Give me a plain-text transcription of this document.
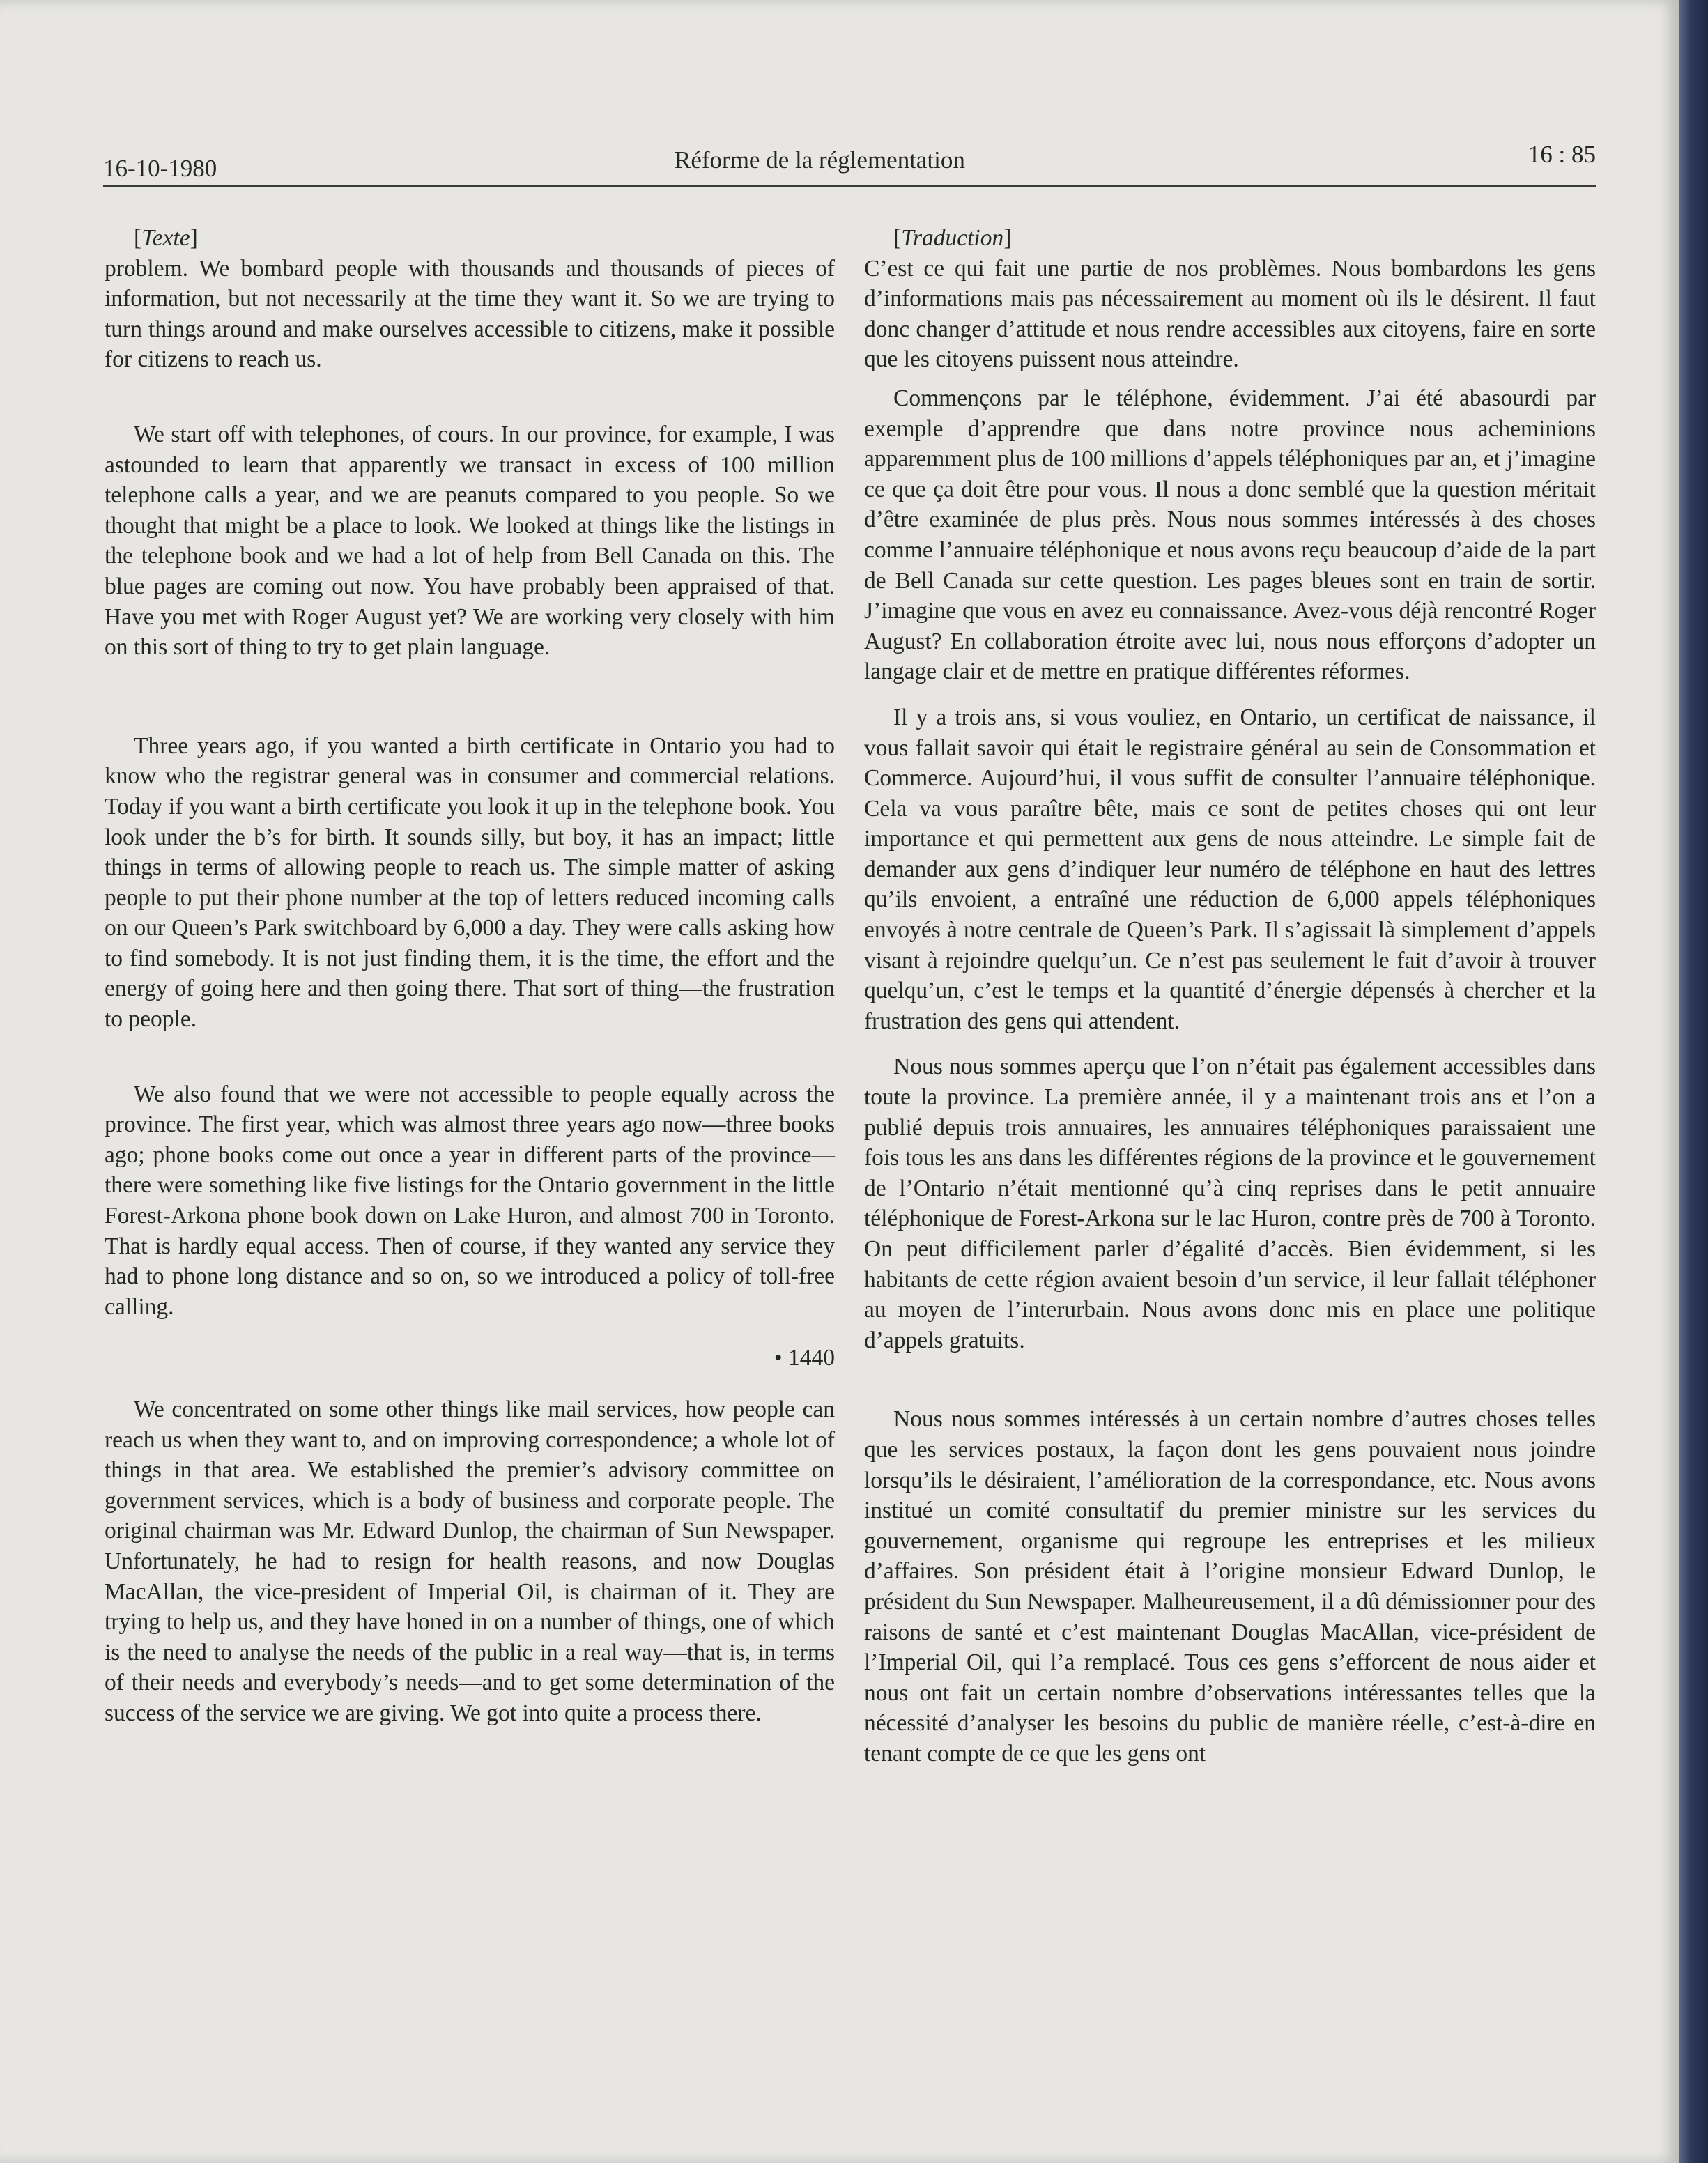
16-10-1980	Réforme de la réglementation	16 : 85

[Texte]

problem. We bombard people with thousands and thousands of pieces of information, but not necessarily at the time they want it. So we are trying to turn things around and make ourselves accessible to citizens, make it possible for citizens to reach us.

We start off with telephones, of cours. In our province, for example, I was astounded to learn that apparently we transact in excess of 100 million telephone calls a year, and we are peanuts compared to you people. So we thought that might be a place to look. We looked at things like the listings in the telephone book and we had a lot of help from Bell Canada on this. The blue pages are coming out now. You have probably been appraised of that. Have you met with Roger August yet? We are working very closely with him on this sort of thing to try to get plain language.

Three years ago, if you wanted a birth certificate in Ontario you had to know who the registrar general was in consumer and commercial relations. Today if you want a birth certificate you look it up in the telephone book. You look under the b’s for birth. It sounds silly, but boy, it has an impact; little things in terms of allowing people to reach us. The simple matter of asking people to put their phone number at the top of letters reduced incoming calls on our Queen’s Park switchboard by 6,000 a day. They were calls asking how to find somebody. It is not just finding them, it is the time, the effort and the energy of going here and then going there. That sort of thing—the frustration to people.

We also found that we were not accessible to people equally across the province. The first year, which was almost three years ago now—three books ago; phone books come out once a year in different parts of the province—there were something like five listings for the Ontario government in the little Forest-Arkona phone book down on Lake Huron, and almost 700 in Toronto. That is hardly equal access. Then of course, if they wanted any service they had to phone long distance and so on, so we introduced a policy of toll-free calling.

• 1440

We concentrated on some other things like mail services, how people can reach us when they want to, and on improving correspondence; a whole lot of things in that area. We established the premier’s advisory committee on government services, which is a body of business and corporate people. The original chairman was Mr. Edward Dunlop, the chairman of Sun Newspaper. Unfortunately, he had to resign for health reasons, and now Douglas MacAllan, the vice-president of Imperial Oil, is chairman of it. They are trying to help us, and they have honed in on a number of things, one of which is the need to analyse the needs of the public in a real way—that is, in terms of their needs and everybody’s needs—and to get some determination of the success of the service we are giving. We got into quite a process there.

[Traduction]

C’est ce qui fait une partie de nos problèmes. Nous bombardons les gens d’informations mais pas nécessairement au moment où ils le désirent. Il faut donc changer d’attitude et nous rendre accessibles aux citoyens, faire en sorte que les citoyens puissent nous atteindre.

Commençons par le téléphone, évidemment. J’ai été abasourdi par exemple d’apprendre que dans notre province nous acheminions apparemment plus de 100 millions d’appels téléphoniques par an, et j’imagine ce que ça doit être pour vous. Il nous a donc semblé que la question méritait d’être examinée de plus près. Nous nous sommes intéressés à des choses comme l’annuaire téléphonique et nous avons reçu beaucoup d’aide de la part de Bell Canada sur cette question. Les pages bleues sont en train de sortir. J’imagine que vous en avez eu connaissance. Avez-vous déjà rencontré Roger August? En collaboration étroite avec lui, nous nous efforçons d’adopter un langage clair et de mettre en pratique différentes réformes.

Il y a trois ans, si vous vouliez, en Ontario, un certificat de naissance, il vous fallait savoir qui était le registraire général au sein de Consommation et Commerce. Aujourd’hui, il vous suffit de consulter l’annuaire téléphonique. Cela va vous paraître bête, mais ce sont de petites choses qui ont leur importance et qui permettent aux gens de nous atteindre. Le simple fait de demander aux gens d’indiquer leur numéro de téléphone en haut des lettres qu’ils envoient, a entraîné une réduction de 6,000 appels téléphoniques envoyés à notre centrale de Queen’s Park. Il s’agissait là simplement d’appels visant à rejoindre quelqu’un. Ce n’est pas seulement le fait d’avoir à trouver quelqu’un, c’est le temps et la quantité d’énergie dépensés à chercher et la frustration des gens qui attendent.

Nous nous sommes aperçu que l’on n’était pas également accessibles dans toute la province. La première année, il y a maintenant trois ans et l’on a publié depuis trois annuaires, les annuaires téléphoniques paraissaient une fois tous les ans dans les différentes régions de la province et le gouvernement de l’Ontario n’était mentionné qu’à cinq reprises dans le petit annuaire téléphonique de Forest-Arkona sur le lac Huron, contre près de 700 à Toronto. On peut difficilement parler d’égalité d’accès. Bien évidemment, si les habitants de cette région avaient besoin d’un service, il leur fallait téléphoner au moyen de l’interurbain. Nous avons donc mis en place une politique d’appels gratuits.

Nous nous sommes intéressés à un certain nombre d’autres choses telles que les services postaux, la façon dont les gens pouvaient nous joindre lorsqu’ils le désiraient, l’amélioration de la correspondance, etc. Nous avons institué un comité consultatif du premier ministre sur les services du gouvernement, organisme qui regroupe les entreprises et les milieux d’affaires. Son président était à l’origine monsieur Edward Dunlop, le président du Sun Newspaper. Malheureusement, il a dû démissionner pour des raisons de santé et c’est maintenant Douglas MacAllan, vice-président de l’Imperial Oil, qui l’a remplacé. Tous ces gens s’efforcent de nous aider et nous ont fait un certain nombre d’observations intéressantes telles que la nécessité d’analyser les besoins du public de manière réelle, c’est-à-dire en tenant compte de ce que les gens ont
